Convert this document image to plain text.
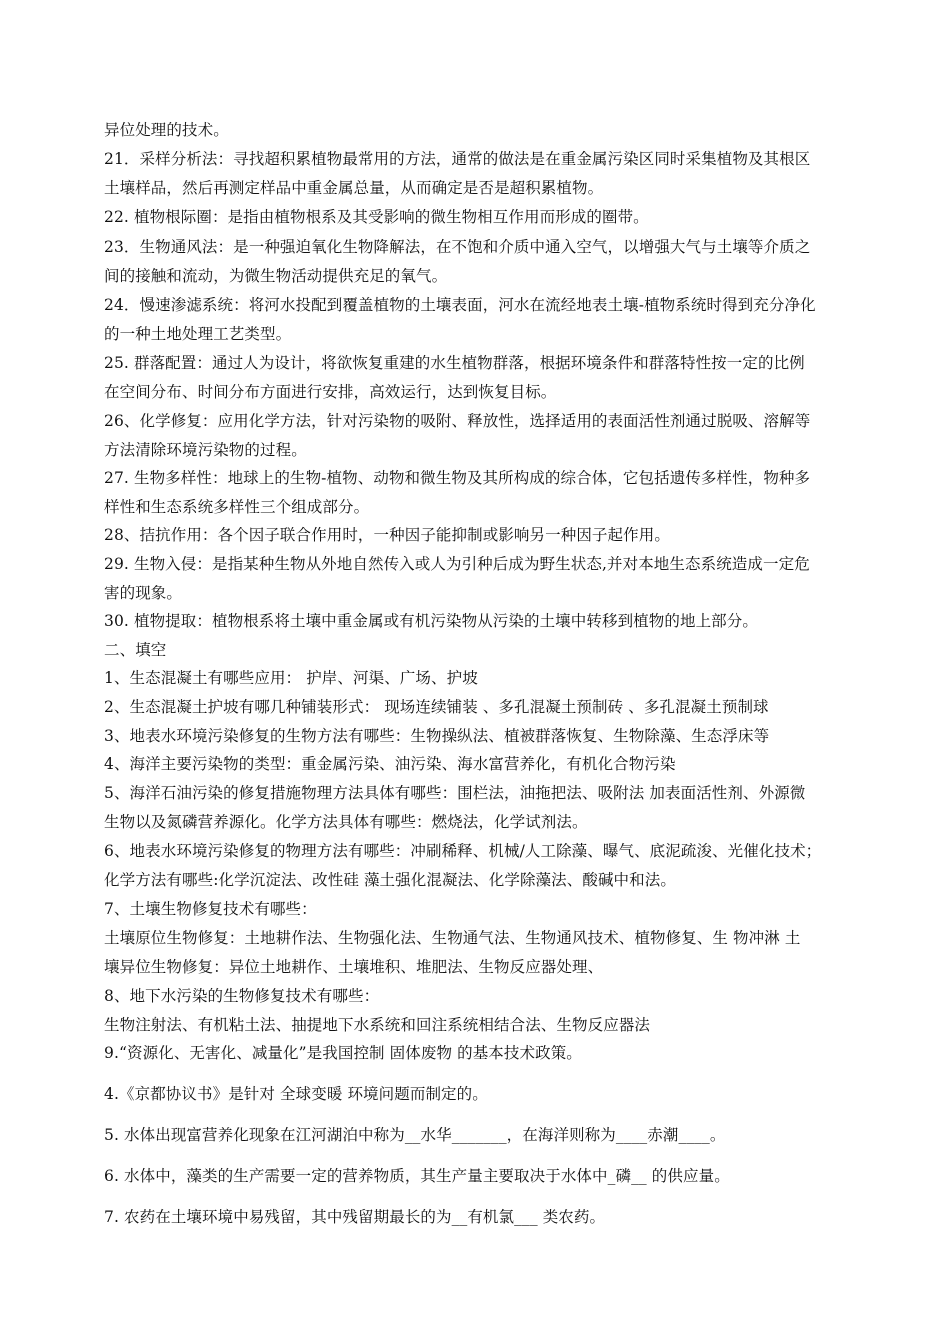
异位处理的技术。
21．采样分析法：寻找超积累植物最常用的方法，通常的做法是在重金属污染区同时采集植物及其根区
土壤样品，然后再测定样品中重金属总量，从而确定是否是超积累植物。
22. 植物根际圈：是指由植物根系及其受影响的微生物相互作用而形成的圈带。
23．生物通风法：是一种强迫氧化生物降解法，在不饱和介质中通入空气，以增强大气与土壤等介质之
间的接触和流动，为微生物活动提供充足的氧气。
24．慢速渗滤系统：将河水投配到覆盖植物的土壤表面，河水在流经地表土壤-植物系统时得到充分净化
的一种土地处理工艺类型。
25. 群落配置：通过人为设计，将欲恢复重建的水生植物群落，根据环境条件和群落特性按一定的比例
在空间分布、时间分布方面进行安排，高效运行，达到恢复目标。
26、化学修复：应用化学方法，针对污染物的吸附、释放性，选择适用的表面活性剂通过脱吸、溶解等
方法清除环境污染物的过程。
27. 生物多样性：地球上的生物-植物、动物和微生物及其所构成的综合体，它包括遗传多样性，物种多
样性和生态系统多样性三个组成部分。
28、拮抗作用：各个因子联合作用时，一种因子能抑制或影响另一种因子起作用。
29. 生物入侵：是指某种生物从外地自然传入或人为引种后成为野生状态,并对本地生态系统造成一定危
害的现象。
30. 植物提取：植物根系将土壤中重金属或有机污染物从污染的土壤中转移到植物的地上部分。
二、填空
1、生态混凝土有哪些应用： 护岸、河渠、广场、护坡
2、生态混凝土护坡有哪几种铺装形式： 现场连续铺装 、多孔混凝土预制砖 、多孔混凝土预制球
3、地表水环境污染修复的生物方法有哪些：生物操纵法、植被群落恢复、生物除藻、生态浮床等
4、海洋主要污染物的类型：重金属污染、油污染、海水富营养化，有机化合物污染
5、海洋石油污染的修复措施物理方法具体有哪些：围栏法，油拖把法、吸附法 加表面活性剂、外源微
生物以及氮磷营养源化。化学方法具体有哪些：燃烧法，化学试剂法。
6、地表水环境污染修复的物理方法有哪些：冲刷稀释、机械/人工除藻、曝气、底泥疏浚、光催化技术；
化学方法有哪些:化学沉淀法、改性硅 藻土强化混凝法、化学除藻法、酸碱中和法。
7、土壤生物修复技术有哪些：
土壤原位生物修复：土地耕作法、生物强化法、生物通气法、生物通风技术、植物修复、生 物冲淋 土
壤异位生物修复：异位土地耕作、土壤堆积、堆肥法、生物反应器处理、
8、地下水污染的生物修复技术有哪些：
生物注射法、有机粘土法、抽提地下水系统和回注系统相结合法、生物反应器法
9.“资源化、无害化、减量化”是我国控制 固体废物 的基本技术政策。
4.《京都协议书》是针对 全球变暖 环境问题而制定的。
5. 水体出现富营养化现象在江河湖泊中称为__水华_______，在海洋则称为____赤潮____。
6. 水体中，藻类的生产需要一定的营养物质，其生产量主要取决于水体中_磷__ 的供应量。
7. 农药在土壤环境中易残留，其中残留期最长的为__有机氯___ 类农药。
